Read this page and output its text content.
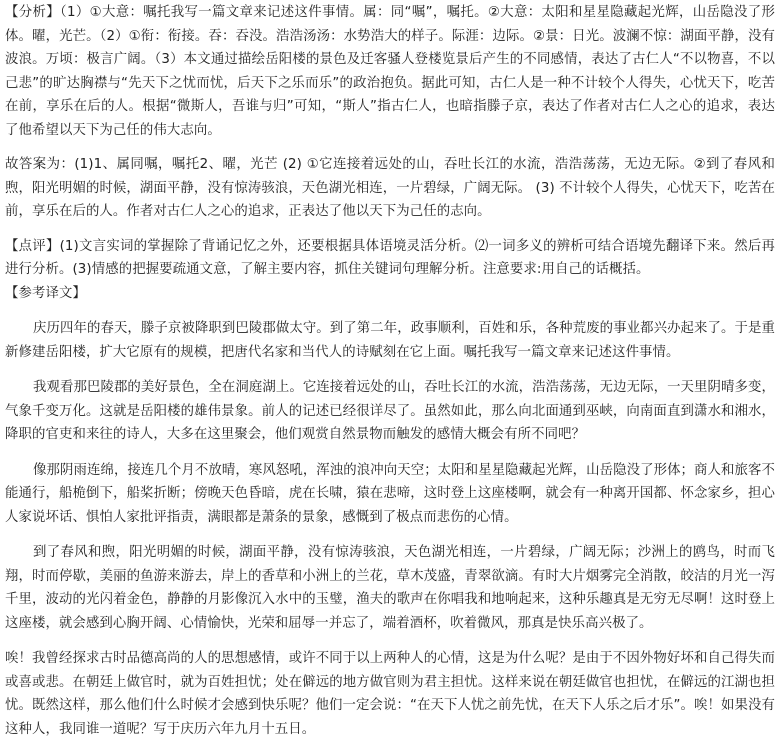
【分析】（1）①大意：嘱托我写一篇文章来记述这件事情。属：同“嘱”，嘱托。②大意：太阳和星星隐藏起光辉，山岳隐没了形体。曜，光芒。（2）①衔：衔接。吞：吞没。浩浩汤汤：水势浩大的样子。际涯：边际。②景：日光。波澜不惊：湖面平静，没有波浪。万顷：极言广阔。（3）本文通过描绘岳阳楼的景色及迁客骚人登楼览景后产生的不同感情，表达了古仁人“不以物喜，不以己悲”的旷达胸襟与“先天下之忧而忧，后天下之乐而乐”的政治抱负。据此可知，古仁人是一种不计较个人得失，心忧天下，吃苦在前，享乐在后的人。根据“微斯人，吾谁与归”可知，“斯人”指古仁人，也暗指滕子京，表达了作者对古仁人之心的追求，表达了他希望以天下为己任的伟大志向。

故答案为：(1)1、属同嘱，嘱托2、曜，光芒 (2) ①它连接着远处的山，吞吐长江的水流，浩浩荡荡，无边无际。②到了春风和煦，阳光明媚的时候，湖面平静，没有惊涛骇浪，天色湖光相连，一片碧绿，广阔无际。 (3) 不计较个人得失，心忧天下，吃苦在前，享乐在后的人。作者对古仁人之心的追求，正表达了他以天下为己任的志向。

【点评】(1)文言实词的掌握除了背诵记忆之外，还要根据具体语境灵活分析。⑵一词多义的辨析可结合语境先翻译下来。然后再进行分析。(3)情感的把握要疏通文意，了解主要内容，抓住关键词句理解分析。注意要求:用自己的话概括。

【参考译文】

庆历四年的春天，滕子京被降职到巴陵郡做太守。到了第二年，政事顺利，百姓和乐，各种荒废的事业都兴办起来了。于是重新修建岳阳楼，扩大它原有的规模，把唐代名家和当代人的诗赋刻在它上面。嘱托我写一篇文章来记述这件事情。

我观看那巴陵郡的美好景色，全在洞庭湖上。它连接着远处的山，吞吐长江的水流，浩浩荡荡，无边无际，一天里阴晴多变，气象千变万化。这就是岳阳楼的雄伟景象。前人的记述已经很详尽了。虽然如此，那么向北面通到巫峡，向南面直到潇水和湘水，降职的官吏和来往的诗人，大多在这里聚会，他们观赏自然景物而触发的感情大概会有所不同吧？

像那阴雨连绵，接连几个月不放晴，寒风怒吼，浑浊的浪冲向天空；太阳和星星隐藏起光辉，山岳隐没了形体；商人和旅客不能通行，船桅倒下，船桨折断；傍晚天色昏暗，虎在长啸，猿在悲啼，这时登上这座楼啊，就会有一种离开国都、怀念家乡，担心人家说坏话、惧怕人家批评指责，满眼都是萧条的景象，感慨到了极点而悲伤的心情。

到了春风和煦，阳光明媚的时候，湖面平静，没有惊涛骇浪，天色湖光相连，一片碧绿，广阔无际；沙洲上的鸥鸟，时而飞翔，时而停歇，美丽的鱼游来游去，岸上的香草和小洲上的兰花，草木茂盛，青翠欲滴。有时大片烟雾完全消散，皎洁的月光一泻千里，波动的光闪着金色，静静的月影像沉入水中的玉璧，渔夫的歌声在你唱我和地响起来，这种乐趣真是无穷无尽啊！这时登上这座楼，就会感到心胸开阔、心情愉快，光荣和屈辱一并忘了，端着酒杯，吹着微风，那真是快乐高兴极了。

唉！我曾经探求古时品德高尚的人的思想感情，或许不同于以上两种人的心情，这是为什么呢？是由于不因外物好坏和自己得失而或喜或悲。在朝廷上做官时，就为百姓担忧；处在僻远的地方做官则为君主担忧。这样来说在朝廷做官也担忧，在僻远的江湖也担忧。既然这样，那么他们什么时候才会感到快乐呢？他们一定会说：“在天下人忧之前先忧，在天下人乐之后才乐”。唉！如果没有这种人，我同谁一道呢？写于庆历六年九月十五日。
